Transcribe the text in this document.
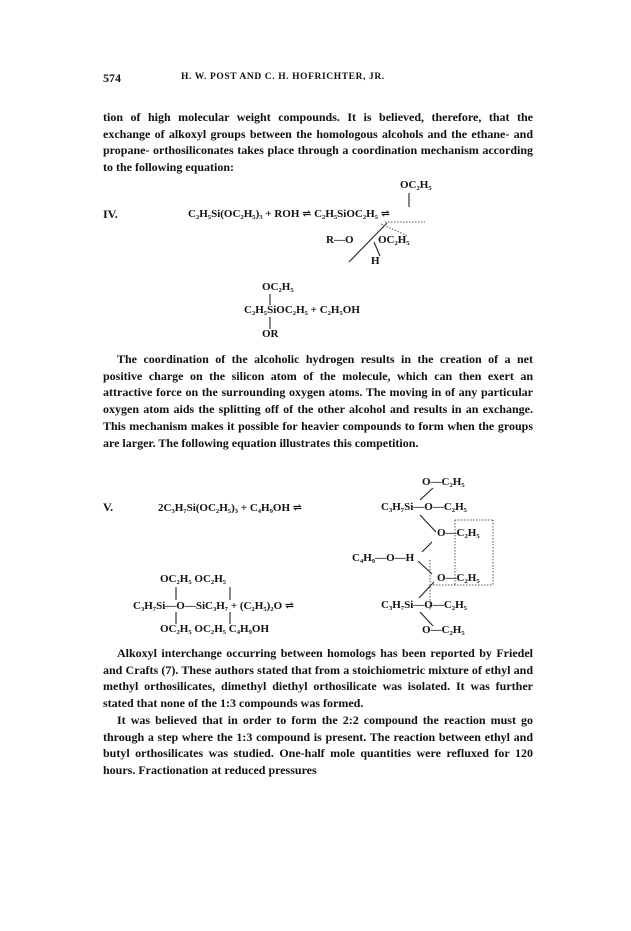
574	H. W. POST AND C. H. HOFRICHTER, JR.

tion of high molecular weight compounds. It is believed, therefore, that the exchange of alkoxyl groups between the homologous alcohols and the ethane- and propane- orthosiliconates takes place through a coordination mechanism according to the following equation:

IV.
OC₂H₅
C₂H₅Si(OC₂H₅)₃ + ROH ⇌ C₂H₅SiOC₂H₅ ⇌
R—O OC₂H₅
H
OC₂H₅
C₂H₅SiOC₂H₅ + C₂H₅OH
OR

The coordination of the alcoholic hydrogen results in the creation of a net positive charge on the silicon atom of the molecule, which can then exert an attractive force on the surrounding oxygen atoms. The moving in of any particular oxygen atom aids the splitting off of the other alcohol and results in an exchange. This mechanism makes it possible for heavier compounds to form when the groups are larger. The following equation illustrates this competition.

V.	2C₃H₇Si(OC₂H₅)₃ + C₄H₉OH ⇌
O—C₂H₅
C₃H₇Si—O—C₂H₅
O—C₂H₅
C₄H₉—O—H
O—C₂H₅
C₃H₇Si—O—C₂H₅
O—C₂H₅
OC₂H₅ OC₂H₅
C₃H₇Si—O—SiC₃H₇ + (C₂H₅)₂O ⇌
OC₂H₅ OC₂H₅ C₄H₉OH

Alkoxyl interchange occurring between homologs has been reported by Friedel and Crafts (7). These authors stated that from a stoichiometric mixture of ethyl and methyl orthosilicates, dimethyl diethyl orthosilicate was isolated. It was further stated that none of the 1:3 compounds was formed.

It was believed that in order to form the 2:2 compound the reaction must go through a step where the 1:3 compound is present. The reaction between ethyl and butyl orthosilicates was studied. One-half mole quantities were refluxed for 120 hours. Fractionation at reduced pressures
